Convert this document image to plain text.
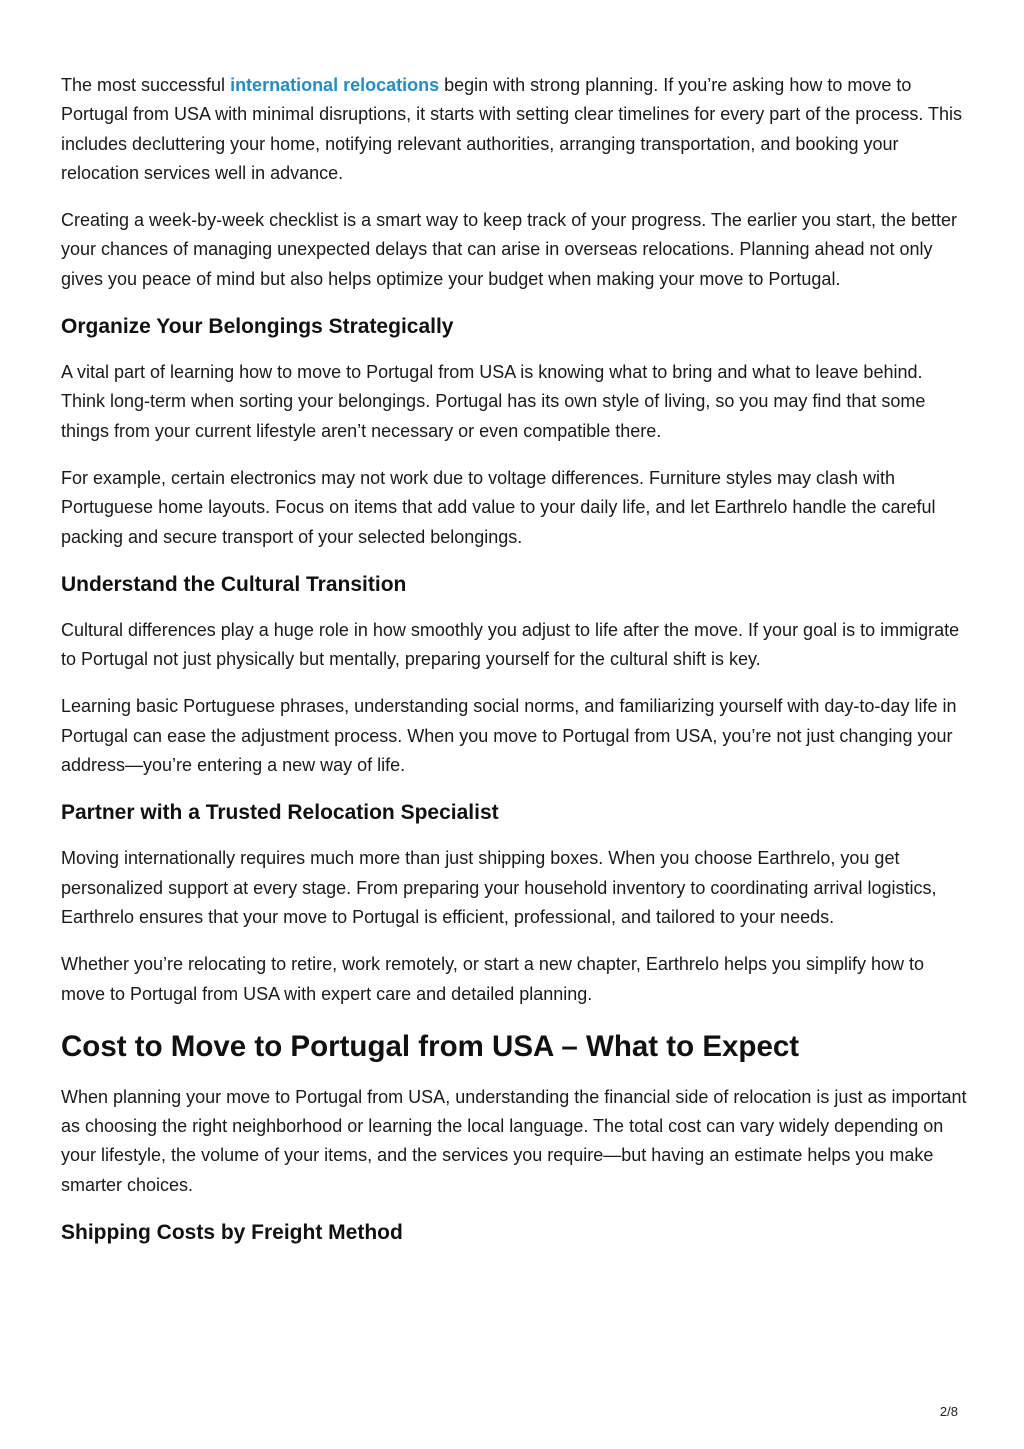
The most successful international relocations begin with strong planning. If you’re asking how to move to Portugal from USA with minimal disruptions, it starts with setting clear timelines for every part of the process. This includes decluttering your home, notifying relevant authorities, arranging transportation, and booking your relocation services well in advance.

Creating a week-by-week checklist is a smart way to keep track of your progress. The earlier you start, the better your chances of managing unexpected delays that can arise in overseas relocations. Planning ahead not only gives you peace of mind but also helps optimize your budget when making your move to Portugal.

Organize Your Belongings Strategically

A vital part of learning how to move to Portugal from USA is knowing what to bring and what to leave behind. Think long-term when sorting your belongings. Portugal has its own style of living, so you may find that some things from your current lifestyle aren’t necessary or even compatible there.

For example, certain electronics may not work due to voltage differences. Furniture styles may clash with Portuguese home layouts. Focus on items that add value to your daily life, and let Earthrelo handle the careful packing and secure transport of your selected belongings.

Understand the Cultural Transition

Cultural differences play a huge role in how smoothly you adjust to life after the move. If your goal is to immigrate to Portugal not just physically but mentally, preparing yourself for the cultural shift is key.

Learning basic Portuguese phrases, understanding social norms, and familiarizing yourself with day-to-day life in Portugal can ease the adjustment process. When you move to Portugal from USA, you’re not just changing your address—you’re entering a new way of life.

Partner with a Trusted Relocation Specialist

Moving internationally requires much more than just shipping boxes. When you choose Earthrelo, you get personalized support at every stage. From preparing your household inventory to coordinating arrival logistics, Earthrelo ensures that your move to Portugal is efficient, professional, and tailored to your needs.

Whether you’re relocating to retire, work remotely, or start a new chapter, Earthrelo helps you simplify how to move to Portugal from USA with expert care and detailed planning.

Cost to Move to Portugal from USA – What to Expect

When planning your move to Portugal from USA, understanding the financial side of relocation is just as important as choosing the right neighborhood or learning the local language. The total cost can vary widely depending on your lifestyle, the volume of your items, and the services you require—but having an estimate helps you make smarter choices.

Shipping Costs by Freight Method
2/8
